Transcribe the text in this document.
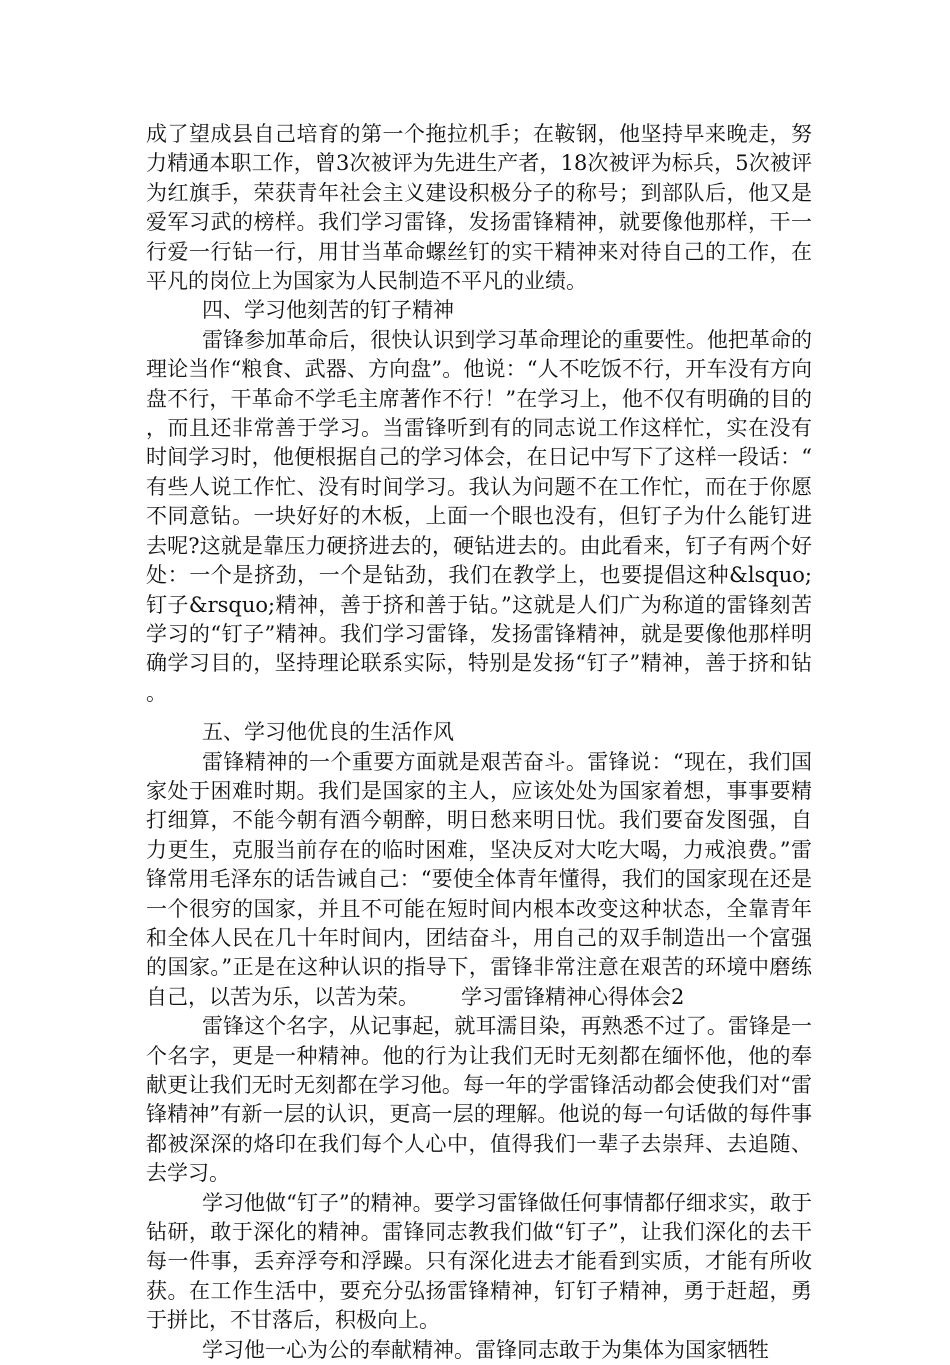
成了望成县自己培育的第一个拖拉机手；在鞍钢，他坚持早来晚走，努力精通本职工作，曾3次被评为先进生产者，18次被评为标兵，5次被评为红旗手，荣获青年社会主义建设积极分子的称号；到部队后，他又是爱军习武的榜样。我们学习雷锋，发扬雷锋精神，就要像他那样，干一行爱一行钻一行，用甘当革命螺丝钉的实干精神来对待自己的工作，在平凡的岗位上为国家为人民制造不平凡的业绩。

四、学习他刻苦的钉子精神

雷锋参加革命后，很快认识到学习革命理论的重要性。他把革命的理论当作“粮食、武器、方向盘”。他说：“人不吃饭不行，开车没有方向盘不行，干革命不学毛主席著作不行！”在学习上，他不仅有明确的目的，而且还非常善于学习。当雷锋听到有的同志说工作这样忙，实在没有时间学习时，他便根据自己的学习体会，在日记中写下了这样一段话：“有些人说工作忙、没有时间学习。我认为问题不在工作忙，而在于你愿不同意钻。一块好好的木板，上面一个眼也没有，但钉子为什么能钉进去呢?这就是靠压力硬挤进去的，硬钻进去的。由此看来，钉子有两个好处：一个是挤劲，一个是钻劲，我们在教学上，也要提倡这种&lsquo;钉子&rsquo;精神，善于挤和善于钻。”这就是人们广为称道的雷锋刻苦学习的“钉子”精神。我们学习雷锋，发扬雷锋精神，就是要像他那样明确学习目的，坚持理论联系实际，特别是发扬“钉子”精神，善于挤和钻。

五、学习他优良的生活作风

雷锋精神的一个重要方面就是艰苦奋斗。雷锋说：“现在，我们国家处于困难时期。我们是国家的主人，应该处处为国家着想，事事要精打细算，不能今朝有酒今朝醉，明日愁来明日忧。我们要奋发图强，自力更生，克服当前存在的临时困难，坚决反对大吃大喝，力戒浪费。”雷锋常用毛泽东的话告诫自己：“要使全体青年懂得，我们的国家现在还是一个很穷的国家，并且不可能在短时间内根本改变这种状态，全靠青年和全体人民在几十年时间内，团结奋斗，用自己的双手制造出一个富强的国家。”正是在这种认识的指导下，雷锋非常注意在艰苦的环境中磨练自己，以苦为乐，以苦为荣。 学习雷锋精神心得体会2

雷锋这个名字，从记事起，就耳濡目染，再熟悉不过了。雷锋是一个名字，更是一种精神。他的行为让我们无时无刻都在缅怀他，他的奉献更让我们无时无刻都在学习他。每一年的学雷锋活动都会使我们对“雷锋精神”有新一层的认识，更高一层的理解。他说的每一句话做的每件事都被深深的烙印在我们每个人心中，值得我们一辈子去崇拜、去追随、去学习。

学习他做“钉子”的精神。要学习雷锋做任何事情都仔细求实，敢于钻研，敢于深化的精神。雷锋同志教我们做“钉子”，让我们深化的去干每一件事，丢弃浮夸和浮躁。只有深化进去才能看到实质，才能有所收获。在工作生活中，要充分弘扬雷锋精神，钉钉子精神，勇于赶超，勇于拼比，不甘落后，积极向上。

学习他一心为公的奉献精神。雷锋同志敢于为集体为国家牺牲
